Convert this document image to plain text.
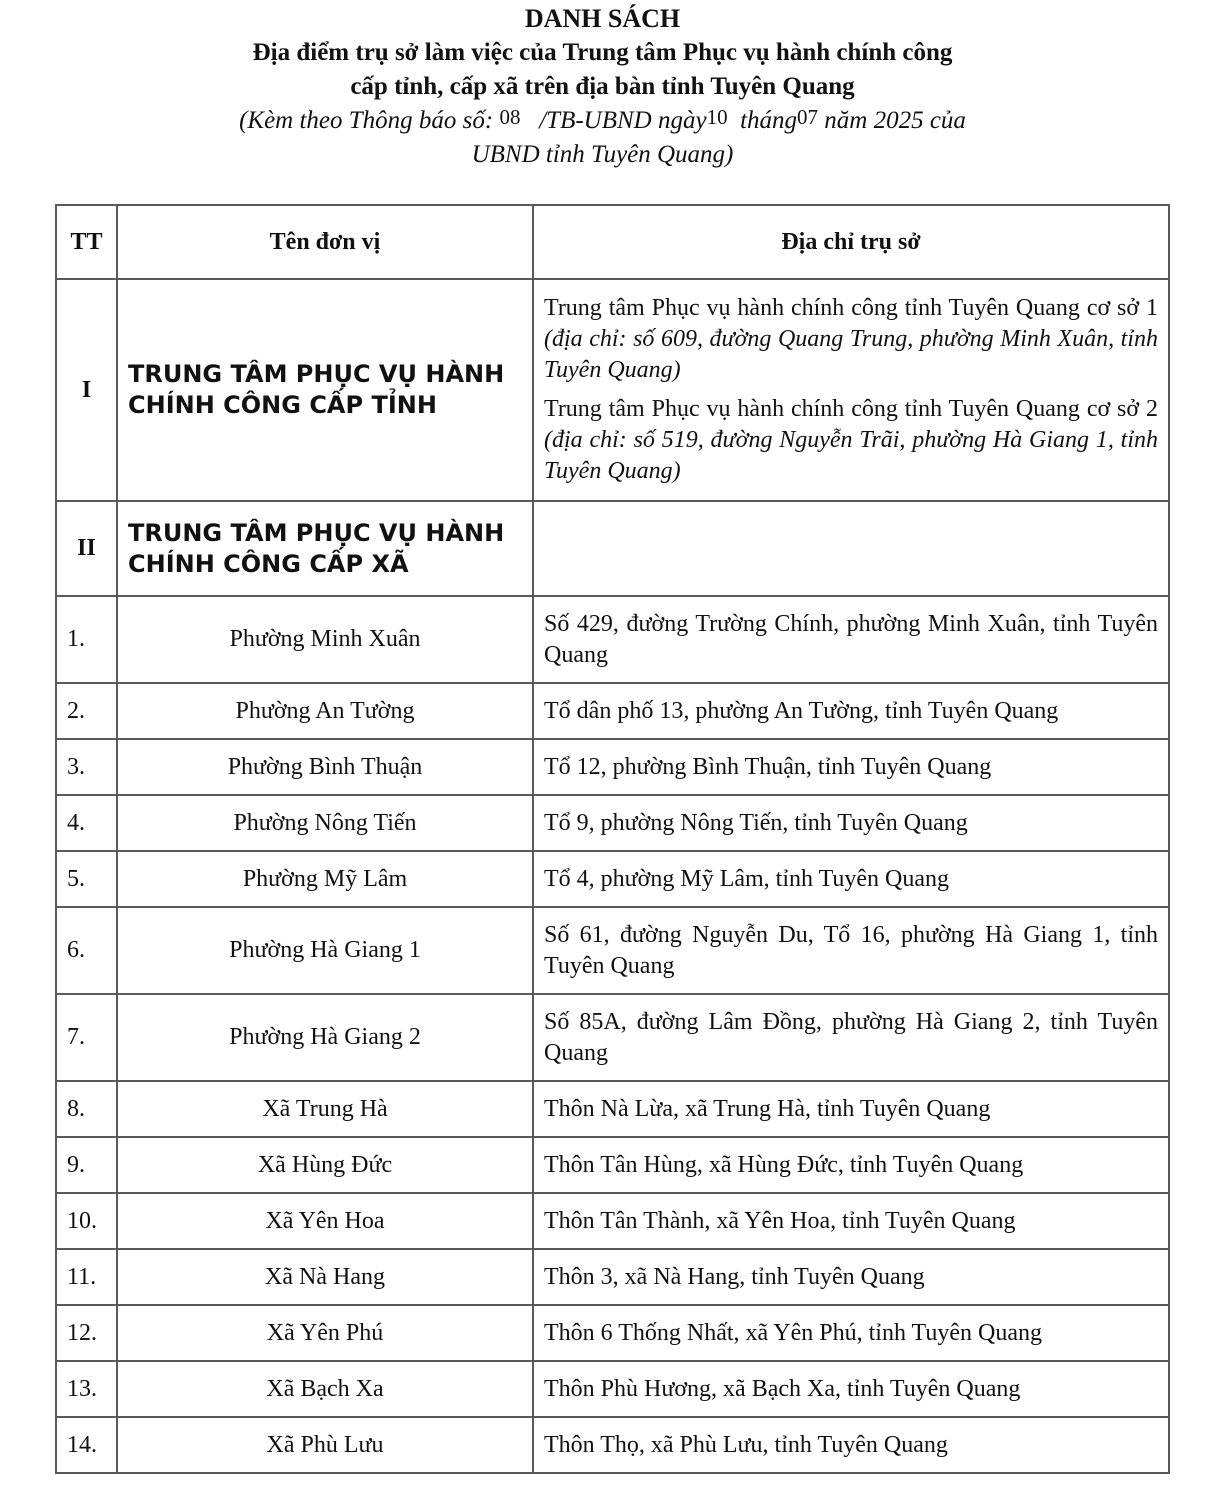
DANH SÁCH
Địa điểm trụ sở làm việc của Trung tâm Phục vụ hành chính công
cấp tỉnh, cấp xã trên địa bàn tỉnh Tuyên Quang
(Kèm theo Thông báo số: 08 /TB-UBND ngày10 tháng07 năm 2025 của
UBND tỉnh Tuyên Quang)
TT	Tên đơn vị	Địa chỉ trụ sở
I	TRUNG TÂM PHỤC VỤ HÀNH CHÍNH CÔNG CẤP TỈNH	Trung tâm Phục vụ hành chính công tỉnh Tuyên Quang cơ sở 1 (địa chỉ: số 609, đường Quang Trung, phường Minh Xuân, tỉnh Tuyên Quang)
Trung tâm Phục vụ hành chính công tỉnh Tuyên Quang cơ sở 2 (địa chỉ: số 519, đường Nguyễn Trãi, phường Hà Giang 1, tỉnh Tuyên Quang)

II	TRUNG TÂM PHỤC VỤ HÀNH CHÍNH CÔNG CẤP XÃ	
1.	Phường Minh Xuân	Số 429, đường Trường Chính, phường Minh Xuân, tỉnh Tuyên Quang
2.	Phường An Tường	Tổ dân phố 13, phường An Tường, tỉnh Tuyên Quang
3.	Phường Bình Thuận	Tổ 12, phường Bình Thuận, tỉnh Tuyên Quang
4.	Phường Nông Tiến	Tổ 9, phường Nông Tiến, tỉnh Tuyên Quang
5.	Phường Mỹ Lâm	Tổ 4, phường Mỹ Lâm, tỉnh Tuyên Quang
6.	Phường Hà Giang 1	Số 61, đường Nguyễn Du, Tổ 16, phường Hà Giang 1, tỉnh Tuyên Quang
7.	Phường Hà Giang 2	Số 85A, đường Lâm Đồng, phường Hà Giang 2, tỉnh Tuyên Quang
8.	Xã Trung Hà	Thôn Nà Lừa, xã Trung Hà, tỉnh Tuyên Quang
9.	Xã Hùng Đức	Thôn Tân Hùng, xã Hùng Đức, tỉnh Tuyên Quang
10.	Xã Yên Hoa	Thôn Tân Thành, xã Yên Hoa, tỉnh Tuyên Quang
11.	Xã Nà Hang	Thôn 3, xã Nà Hang, tỉnh Tuyên Quang
12.	Xã Yên Phú	Thôn 6 Thống Nhất, xã Yên Phú, tỉnh Tuyên Quang
13.	Xã Bạch Xa	Thôn Phù Hương, xã Bạch Xa, tỉnh Tuyên Quang
14.	Xã Phù Lưu	Thôn Thọ, xã Phù Lưu, tỉnh Tuyên Quang
